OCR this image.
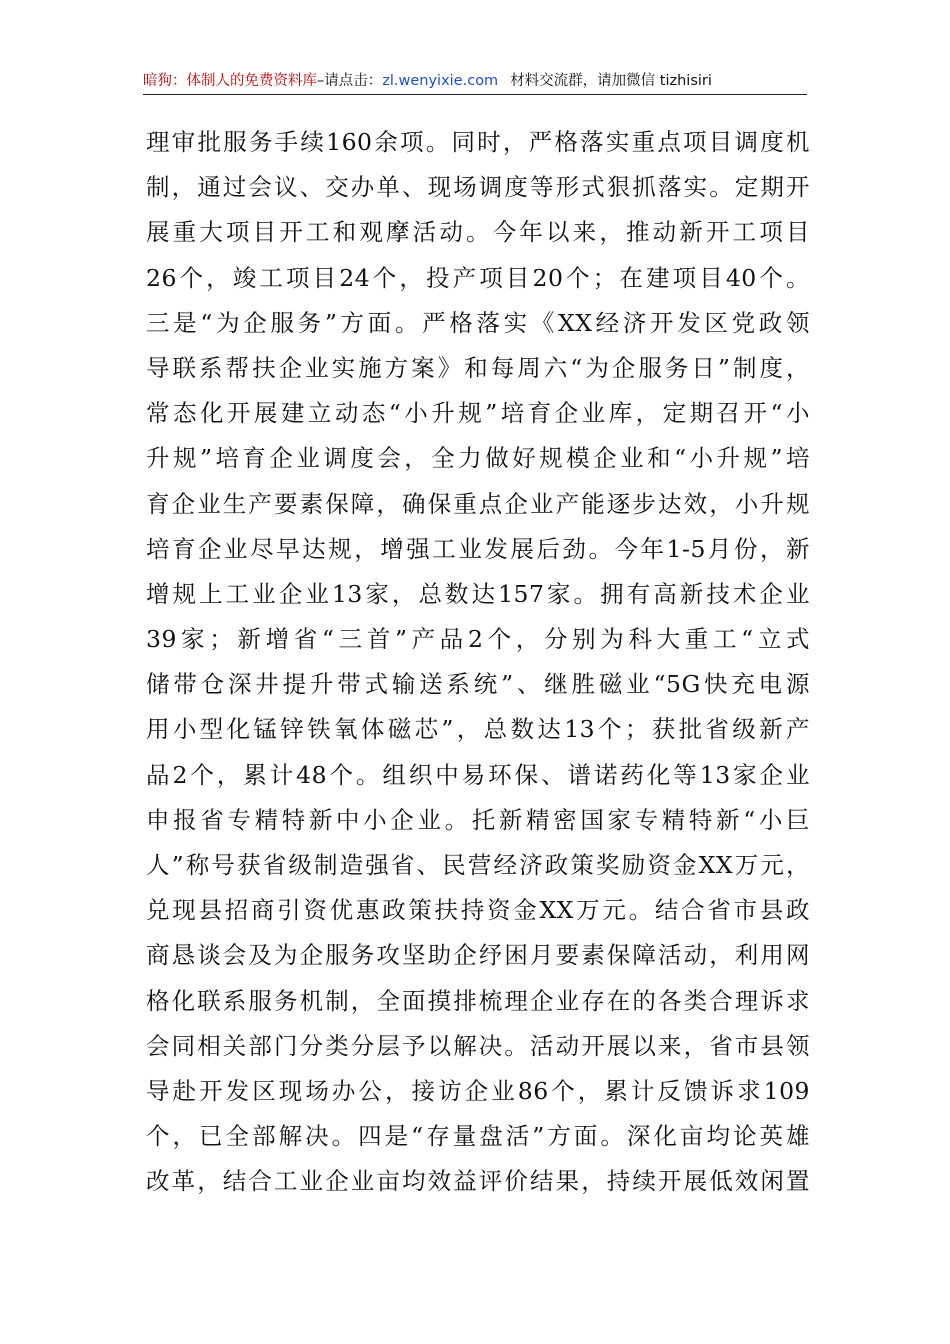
暗狗：体制人的免费资料库–请点击：zl.wenyixie.com 材料交流群，请加微信 tizhisiri
理审批服务手续160余项。同时，严格落实重点项目调度机
制，通过会议、交办单、现场调度等形式狠抓落实。定期开
展重大项目开工和观摩活动。今年以来，推动新开工项目
26个，竣工项目24个，投产项目20个；在建项目40个。
三是“为企服务”方面。严格落实《XX经济开发区党政领
导联系帮扶企业实施方案》和每周六“为企服务日”制度，
常态化开展建立动态“小升规”培育企业库，定期召开“小
升规”培育企业调度会，全力做好规模企业和“小升规”培
育企业生产要素保障，确保重点企业产能逐步达效，小升规
培育企业尽早达规，增强工业发展后劲。今年1-5月份，新
增规上工业企业13家，总数达157家。拥有高新技术企业
39家；新增省“三首”产品2个，分别为科大重工“立式
储带仓深井提升带式输送系统”、继胜磁业“5G快充电源
用小型化锰锌铁氧体磁芯”，总数达13个；获批省级新产
品2个，累计48个。组织中易环保、谱诺药化等13家企业
申报省专精特新中小企业。托新精密国家专精特新“小巨
人”称号获省级制造强省、民营经济政策奖励资金XX万元，
兑现县招商引资优惠政策扶持资金XX万元。结合省市县政
商恳谈会及为企服务攻坚助企纾困月要素保障活动，利用网
格化联系服务机制，全面摸排梳理企业存在的各类合理诉求
会同相关部门分类分层予以解决。活动开展以来，省市县领
导赴开发区现场办公，接访企业86个，累计反馈诉求109
个，已全部解决。四是“存量盘活”方面。深化亩均论英雄
改革，结合工业企业亩均效益评价结果，持续开展低效闲置
